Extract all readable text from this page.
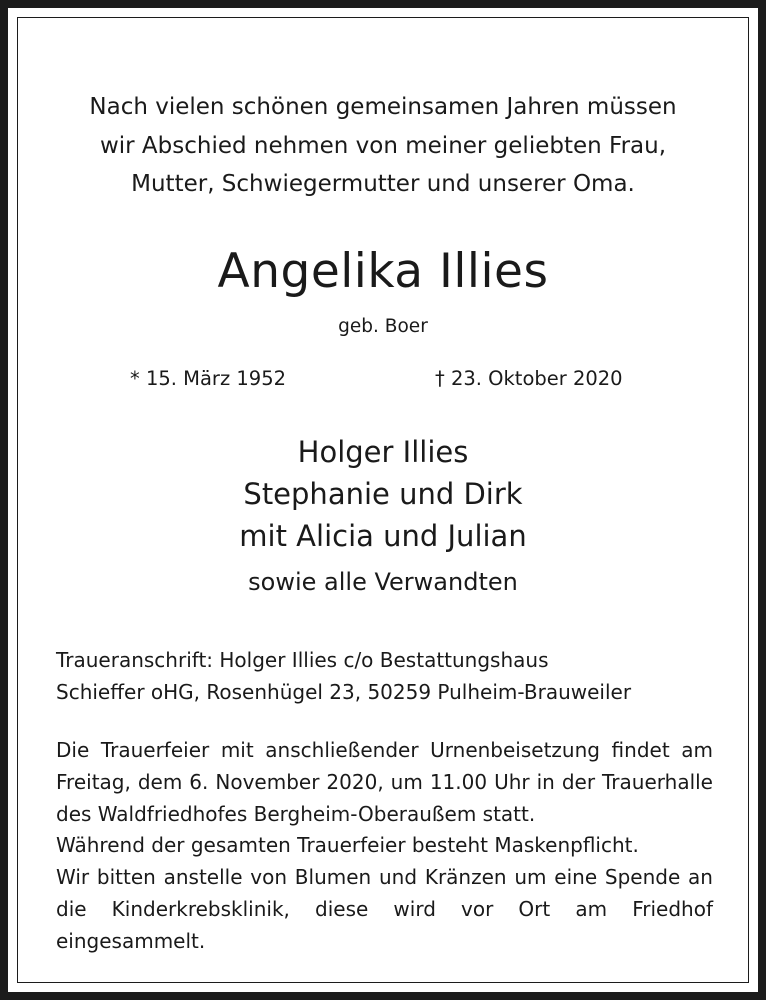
Nach vielen schönen gemeinsamen Jahren müssen
wir Abschied nehmen von meiner geliebten Frau,
Mutter, Schwiegermutter und unserer Oma.

Angelika Illies

geb. Boer

* 15. März 1952	† 23. Oktober 2020

Holger Illies
Stephanie und Dirk
mit Alicia und Julian

sowie alle Verwandten

Traueranschrift: Holger Illies c/o Bestattungshaus
Schieffer oHG, Rosenhügel 23, 50259 Pulheim-Brauweiler

Die Trauerfeier mit anschließender Urnenbeisetzung findet am Freitag, dem 6. November 2020, um 11.00 Uhr in der Trauerhalle des Waldfriedhofes Bergheim-Oberaußem statt.

Während der gesamten Trauerfeier besteht Maskenpflicht.

Wir bitten anstelle von Blumen und Kränzen um eine Spende an die Kinderkrebsklinik, diese wird vor Ort am Friedhof eingesammelt.
